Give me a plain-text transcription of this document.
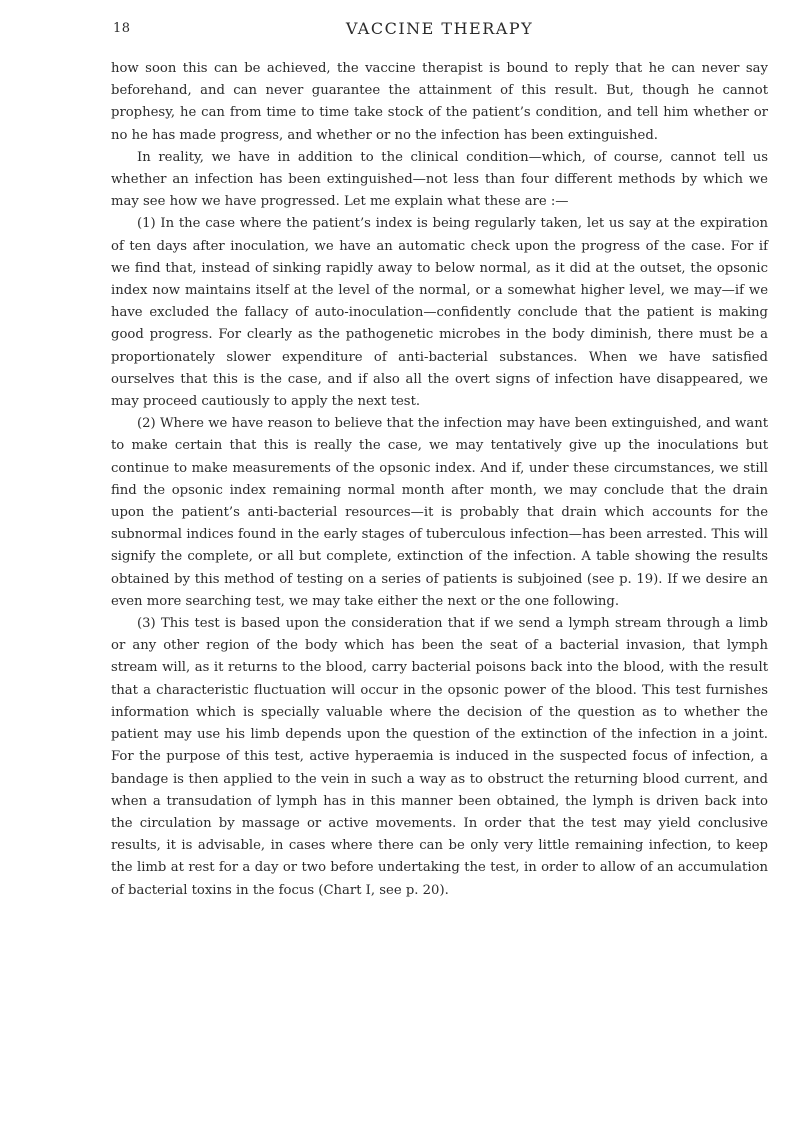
18	VACCINE THERAPY

how soon this can be achieved, the vaccine therapist is bound to reply that he can never say beforehand, and can never guarantee the attainment of this result. But, though he cannot prophesy, he can from time to time take stock of the patient’s condition, and tell him whether or no he has made progress, and whether or no the infection has been extinguished.

In reality, we have in addition to the clinical condition—which, of course, cannot tell us whether an infection has been extinguished—not less than four different methods by which we may see how we have progressed. Let me explain what these are :—

(1) In the case where the patient’s index is being regularly taken, let us say at the expiration of ten days after inoculation, we have an automatic check upon the progress of the case. For if we find that, instead of sinking rapidly away to below normal, as it did at the outset, the opsonic index now maintains itself at the level of the normal, or a somewhat higher level, we may—if we have excluded the fallacy of auto-inoculation—confidently conclude that the patient is making good progress. For clearly as the pathogenetic microbes in the body diminish, there must be a proportionately slower expenditure of anti-bacterial substances. When we have satisfied ourselves that this is the case, and if also all the overt signs of infection have disappeared, we may proceed cautiously to apply the next test.

(2) Where we have reason to believe that the infection may have been extinguished, and want to make certain that this is really the case, we may tentatively give up the inoculations but continue to make measurements of the opsonic index. And if, under these circumstances, we still find the opsonic index remaining normal month after month, we may conclude that the drain upon the patient’s anti-bacterial resources—it is probably that drain which accounts for the subnormal indices found in the early stages of tuberculous infection—has been arrested. This will signify the complete, or all but complete, extinction of the infection. A table showing the results obtained by this method of testing on a series of patients is subjoined (see p. 19). If we desire an even more searching test, we may take either the next or the one following.

(3) This test is based upon the consideration that if we send a lymph stream through a limb or any other region of the body which has been the seat of a bacterial invasion, that lymph stream will, as it returns to the blood, carry bacterial poisons back into the blood, with the result that a characteristic fluctuation will occur in the opsonic power of the blood. This test furnishes information which is specially valuable where the decision of the question as to whether the patient may use his limb depends upon the question of the extinction of the infection in a joint. For the purpose of this test, active hyperaemia is induced in the suspected focus of infection, a bandage is then applied to the vein in such a way as to obstruct the returning blood current, and when a transudation of lymph has in this manner been obtained, the lymph is driven back into the circulation by massage or active movements. In order that the test may yield conclusive results, it is advisable, in cases where there can be only very little remaining infection, to keep the limb at rest for a day or two before undertaking the test, in order to allow of an accumulation of bacterial toxins in the focus (Chart I, see p. 20).
